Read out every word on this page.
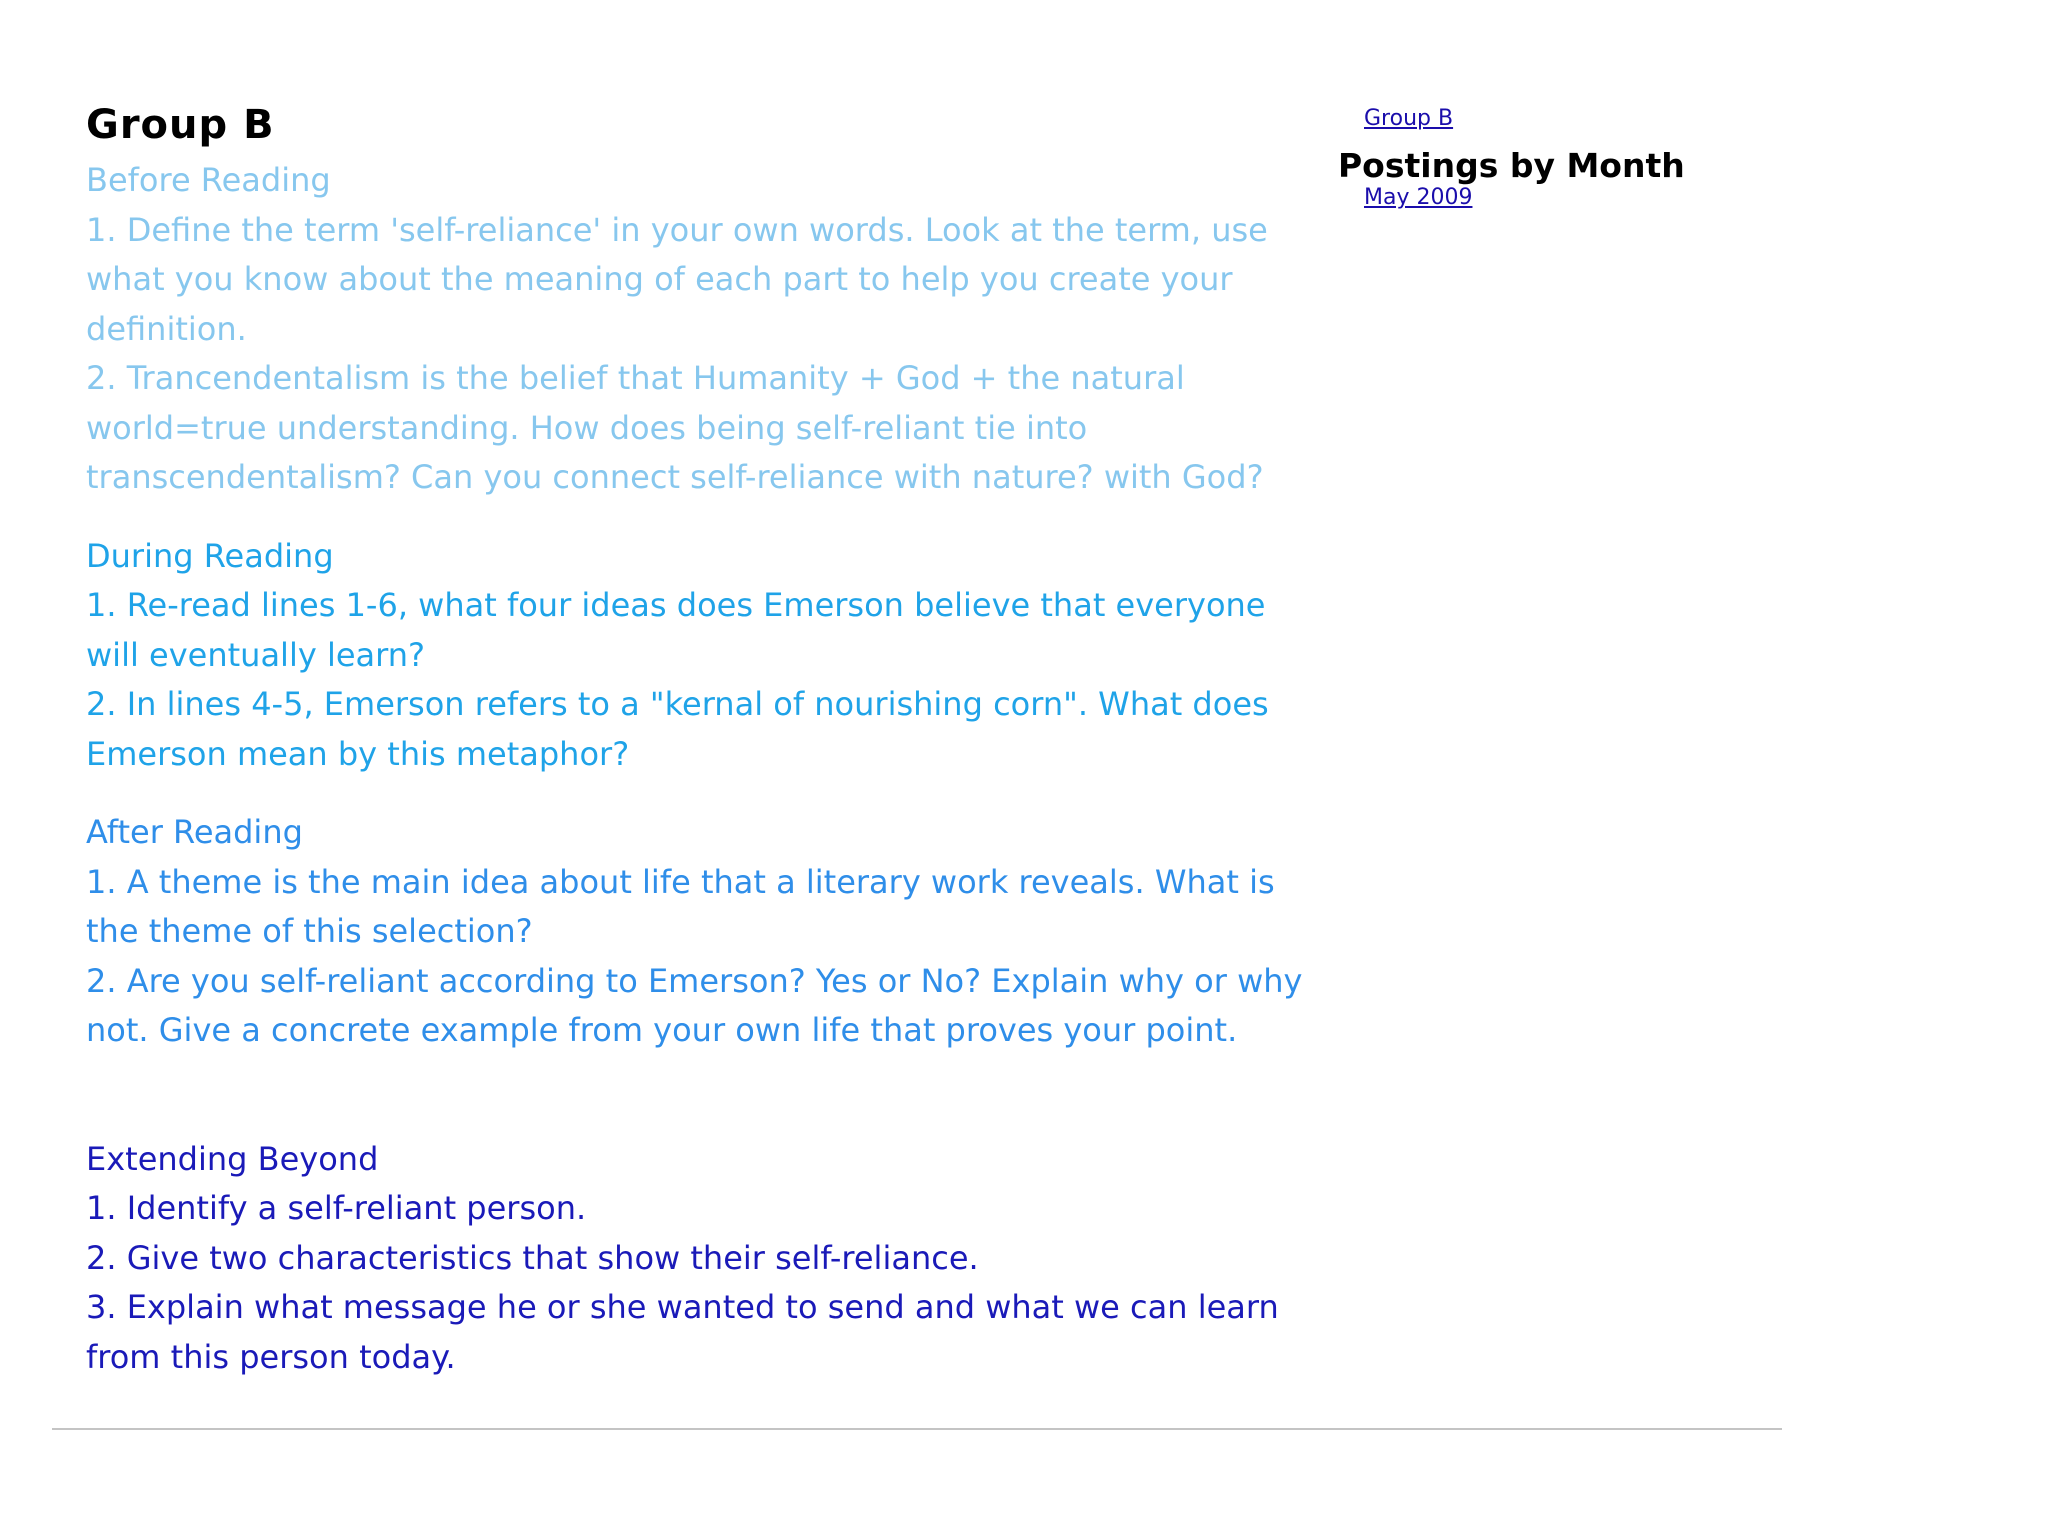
Group B

Before Reading

1. Define the term 'self-reliance' in your own words. Look at the term, use what you know about the meaning of each part to help you create your definition.

2. Trancendentalism is the belief that Humanity + God + the natural world=true understanding. How does being self-reliant tie into transcendentalism? Can you connect self-reliance with nature? with God?

During Reading

1. Re-read lines 1-6, what four ideas does Emerson believe that everyone will eventually learn?

2. In lines 4-5, Emerson refers to a "kernal of nourishing corn". What does Emerson mean by this metaphor?

After Reading

1. A theme is the main idea about life that a literary work reveals. What is the theme of this selection?

2. Are you self-reliant according to Emerson? Yes or No? Explain why or why not. Give a concrete example from your own life that proves your point.

Extending Beyond

1. Identify a self-reliant person.

2. Give two characteristics that show their self-reliance.

3. Explain what message he or she wanted to send and what we can learn from this person today.

Group B
Postings by Month
May 2009
